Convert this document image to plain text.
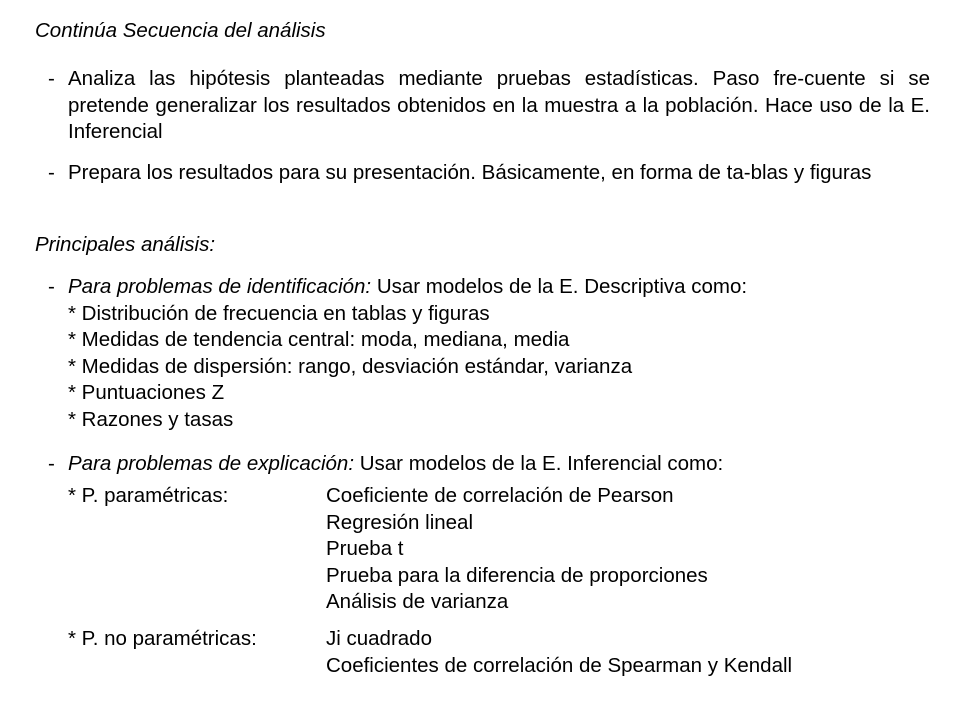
Continúa Secuencia del análisis
- Analiza las hipótesis planteadas mediante pruebas estadísticas. Paso fre-cuente si se pretende generalizar los resultados obtenidos en la muestra a la población. Hace uso de la E. Inferencial
- Prepara los resultados para su presentación. Básicamente, en forma de ta-blas y figuras
Principales análisis:
- Para problemas de identificación: Usar modelos de la E. Descriptiva como:
* Distribución de frecuencia en tablas y figuras
* Medidas de tendencia central: moda, mediana, media
* Medidas de dispersión: rango, desviación estándar, varianza
* Puntuaciones Z
* Razones y tasas
- Para problemas de explicación: Usar modelos de la E. Inferencial como:
* P. paramétricas:	Coeficiente de correlación de Pearson
Regresión lineal
Prueba t
Prueba para la diferencia de proporciones
Análisis de varianza
* P. no paramétricas:	Ji cuadrado
Coeficientes de correlación de Spearman y Kendall
